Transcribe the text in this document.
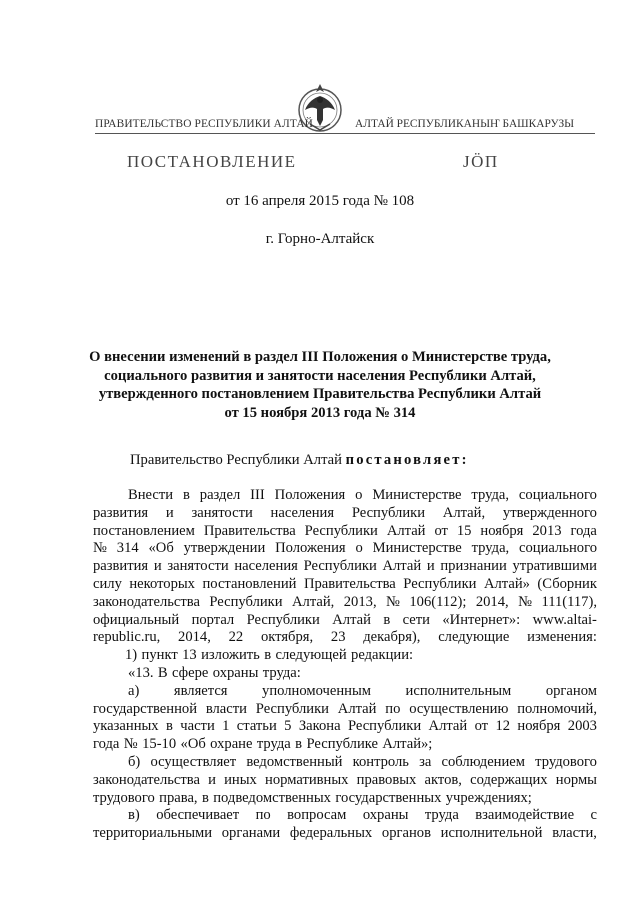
ПРАВИТЕЛЬСТВО РЕСПУБЛИКИ АЛТАЙ	АЛТАЙ РЕСПУБЛИКАНЫҤ БАШКАРУЗЫ
ПОСТАНОВЛЕНИЕ	JӦП
от 16 апреля 2015 года № 108
г. Горно-Алтайск
О внесении изменений в раздел III Положения о Министерстве труда,
социального развития и занятости населения Республики Алтай,
утвержденного постановлением Правительства Республики Алтай
от 15 ноября 2013 года № 314
Правительство Республики Алтай постановляет:
Внести в раздел III Положения о Министерстве труда, социального
развития и занятости населения Республики Алтай, утвержденного
постановлением Правительства Республики Алтай от 15 ноября 2013 года
№ 314 «Об утверждении Положения о Министерстве труда, социального
развития и занятости населения Республики Алтай и признании утратившими
силу некоторых постановлений Правительства Республики Алтай» (Сборник
законодательства Республики Алтай, 2013, № 106(112); 2014, № 111(117),
официальный портал Республики Алтай в сети «Интернет»: www.altai-
republic.ru, 2014, 22 октября, 23 декабря), следующие изменения:
1) пункт 13 изложить в следующей редакции:
«13. В сфере охраны труда:
а) является уполномоченным исполнительным органом
государственной власти Республики Алтай по осуществлению полномочий,
указанных в части 1 статьи 5 Закона Республики Алтай от 12 ноября 2003
года № 15-10 «Об охране труда в Республике Алтай»;
б) осуществляет ведомственный контроль за соблюдением трудового
законодательства и иных нормативных правовых актов, содержащих нормы
трудового права, в подведомственных государственных учреждениях;
в) обеспечивает по вопросам охраны труда взаимодействие с
территориальными органами федеральных органов исполнительной власти,
